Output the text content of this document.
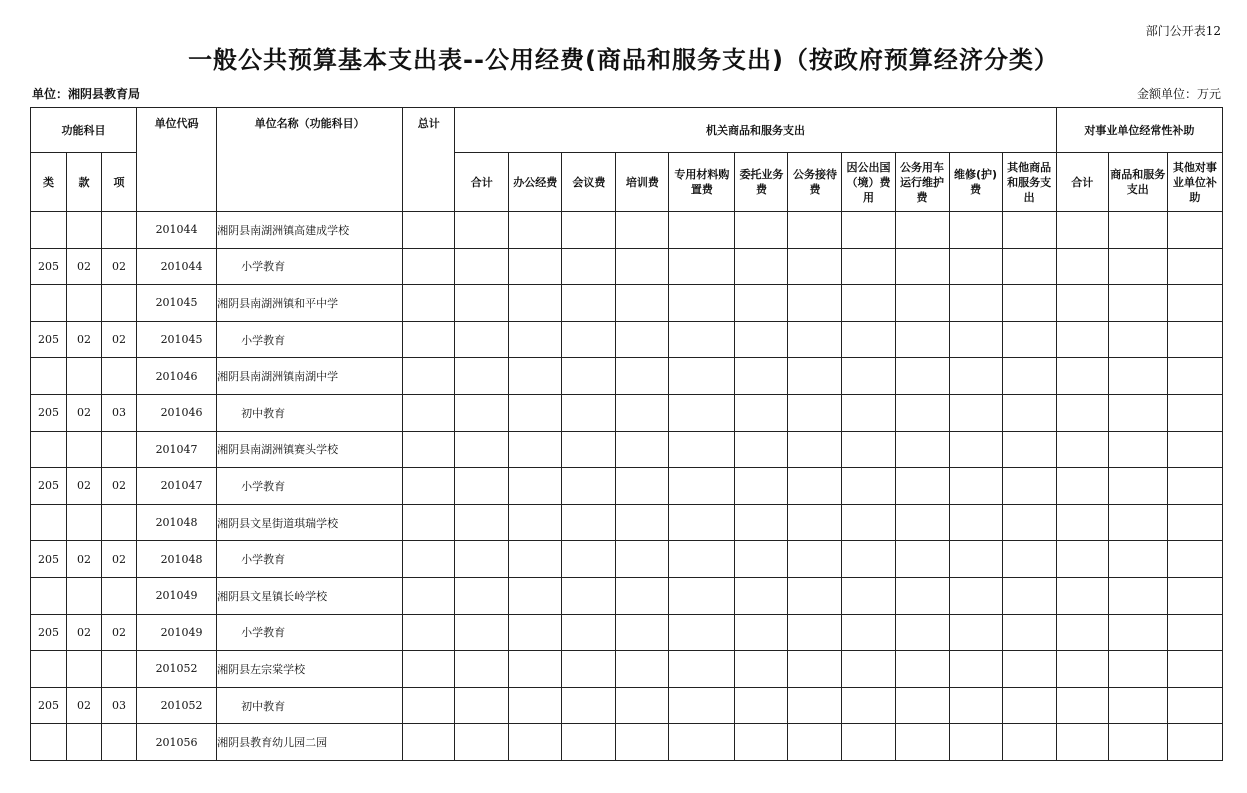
部门公开表12
一般公共预算基本支出表--公用经费(商品和服务支出)（按政府预算经济分类）
单位：湘阴县教育局	金额单位：万元
功能科目			单位代码	单位名称（功能科目）	总计	机关商品和服务支出											对事业单位经常性补助		
类	款	项				合计	办公经费	会议费	培训费	专用材料购置费	委托业务费	公务接待费	因公出国（境）费用	公务用车运行维护费	维修(护)费	其他商品和服务支出	合计	商品和服务支出	其他对事业单位补助
			201044	湘阴县南湖洲镇高建成学校															
205	02	02	201044	小学教育															
			201045	湘阴县南湖洲镇和平中学															
205	02	02	201045	小学教育															
			201046	湘阴县南湖洲镇南湖中学															
205	02	03	201046	初中教育															
			201047	湘阴县南湖洲镇赛头学校															
205	02	02	201047	小学教育															
			201048	湘阴县文星街道琪瑞学校															
205	02	02	201048	小学教育															
			201049	湘阴县文星镇长岭学校															
205	02	02	201049	小学教育															
			201052	湘阴县左宗棠学校															
205	02	03	201052	初中教育															
			201056	湘阴县教育幼儿园二园															
